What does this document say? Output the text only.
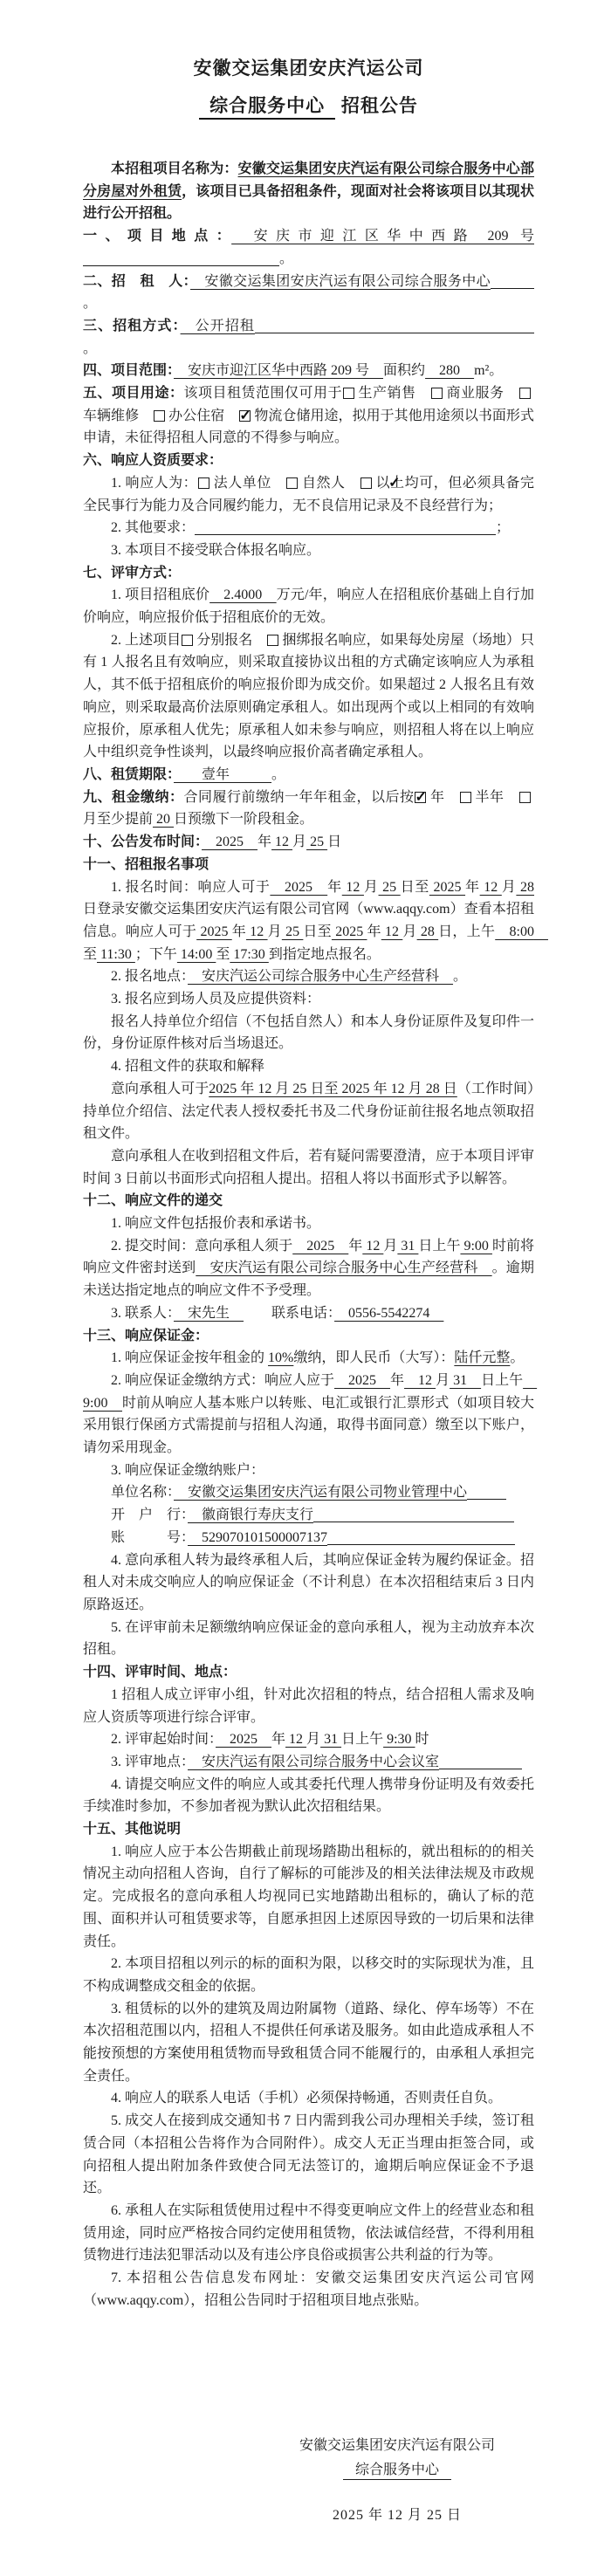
安徽交运集团安庆汽运公司
综合服务中心 招租公告

本招租项目名称为：安徽交运集团安庆汽运有限公司综合服务中心部分房屋对外租赁，该项目已具备招租条件，现面对社会将该项目以其现状进行公开招租。

一、项目地点：　安庆市迎江区华中西路 209 号。

二、招　租　人：　安徽交运集团安庆汽运有限公司综合服务中心。

三、招租方式：　公开招租。

四、项目范围：　安庆市迎江区华中西路 209 号　面积约　280　m²。

五、项目用途：该项目租赁范围仅可用于 生产销售　商业服务　车辆维修　办公住宿　✓物流仓储用途，拟用于其他用途须以书面形式申请，未征得招租人同意的不得参与响应。

六、响应人资质要求：

1. 响应人为： 法人单位　自然人　✓以上均可，但必须具备完全民事行为能力及合同履约能力，无不良信用记录及不良经营行为；

2. 其他要求：	；

3. 本项目不接受联合体报名响应。

七、评审方式：

1. 项目招租底价　2.4000　万元/年，响应人在招租底价基础上自行加价响应，响应报价低于招租底价的无效。

2. 上述项目 分别报名　捆绑报名响应，如果每处房屋（场地）只有 1 人报名且有效响应，则采取直接协议出租的方式确定该响应人为承租人，其不低于招租底价的响应报价即为成交价。如果超过 2 人报名且有效响应，则采取最高价法原则确定承租人。如出现两个或以上相同的有效响应报价，原承租人优先；原承租人如未参与响应，则招租人将在以上响应人中组织竞争性谈判，以最终响应报价高者确定承租人。

八、租赁期限：　　壹年　　　。

九、租金缴纳：合同履行前缴纳一年年租金，以后按 ✓ 年　半年　月至少提前 20 日预缴下一阶段租金。

十、公告发布时间：　2025　年 12 月 25 日

十一、招租报名事项

1. 报名时间：响应人可于　2025　年 12 月 25 日至 2025 年 12 月 28 日登录安徽交运集团安庆汽运有限公司官网（www.aqqy.com）查看本招租信息。响应人可于 2025 年 12 月 25 日至 2025 年 12 月 28 日，上午　8:00　至 11:30 ；下午 14:00 至 17:30 到指定地点报名。

2. 报名地点：　安庆汽运公司综合服务中心生产经营科　。

3. 报名应到场人员及应提供资料：

报名人持单位介绍信（不包括自然人）和本人身份证原件及复印件一份，身份证原件核对后当场退还。

4. 招租文件的获取和解释

意向承租人可于2025 年 12 月 25 日至 2025 年 12 月 28 日（工作时间）持单位介绍信、法定代表人授权委托书及二代身份证前往报名地点领取招租文件。

意向承租人在收到招租文件后，若有疑问需要澄清，应于本项目评审时间 3 日前以书面形式向招租人提出。招租人将以书面形式予以解答。

十二、响应文件的递交

1. 响应文件包括报价表和承诺书。

2. 提交时间：意向承租人须于　2025　年 12 月 31 日上午 9:00 时前将响应文件密封送到　安庆汽运有限公司综合服务中心生产经营科　。逾期未送达指定地点的响应文件不予受理。

3. 联系人：　宋先生　　　联系电话：　0556-5542274　

十三、响应保证金：

1. 响应保证金按年租金的 10%缴纳，即人民币（大写）：陆仟元整。

2. 响应保证金缴纳方式：响应人应于　2025　年　12 月 31　日上午　9:00　时前从响应人基本账户以转账、电汇或银行汇票形式（如项目较大采用银行保函方式需提前与招租人沟通，取得书面同意）缴至以下账户，请勿采用现金。

3. 响应保证金缴纳账户：

单位名称：　安徽交运集团安庆汽运有限公司物业管理中心

开　户　行：　徽商银行寿庆支行

账　　　号：　529070101500007137

4. 意向承租人转为最终承租人后，其响应保证金转为履约保证金。招租人对未成交响应人的响应保证金（不计利息）在本次招租结束后 3 日内原路返还。

5. 在评审前未足额缴纳响应保证金的意向承租人，视为主动放弃本次招租。

十四、评审时间、地点：

1 招租人成立评审小组，针对此次招租的特点，结合招租人需求及响应人资质等项进行综合评审。

2. 评审起始时间：　2025　年 12 月 31 日上午 9:30 时

3. 评审地点：　安庆汽运有限公司综合服务中心会议室

4. 请提交响应文件的响应人或其委托代理人携带身份证明及有效委托手续准时参加，不参加者视为默认此次招租结果。

十五、其他说明

1. 响应人应于本公告期截止前现场踏勘出租标的，就出租标的的相关情况主动向招租人咨询，自行了解标的可能涉及的相关法律法规及市政规定。完成报名的意向承租人均视同已实地踏勘出租标的，确认了标的范围、面积并认可租赁要求等，自愿承担因上述原因导致的一切后果和法律责任。

2. 本项目招租以列示的标的面积为限，以移交时的实际现状为准，且不构成调整成交租金的依据。

3. 租赁标的以外的建筑及周边附属物（道路、绿化、停车场等）不在本次招租范围以内，招租人不提供任何承诺及服务。如由此造成承租人不能按预想的方案使用租赁物而导致租赁合同不能履行的，由承租人承担完全责任。

4. 响应人的联系人电话（手机）必须保持畅通，否则责任自负。

5. 成交人在接到成交通知书 7 日内需到我公司办理相关手续，签订租赁合同（本招租公告将作为合同附件）。成交人无正当理由拒签合同，或向招租人提出附加条件致使合同无法签订的，逾期后响应保证金不予退还。

6. 承租人在实际租赁使用过程中不得变更响应文件上的经营业态和租赁用途，同时应严格按合同约定使用租赁物，依法诚信经营，不得利用租赁物进行违法犯罪活动以及有违公序良俗或损害公共利益的行为等。

7. 本招租公告信息发布网址：安徽交运集团安庆汽运公司官网（www.aqqy.com），招租公告同时于招租项目地点张贴。

安徽交运集团安庆汽运有限公司
综合服务中心
2025 年 12 月 25 日
